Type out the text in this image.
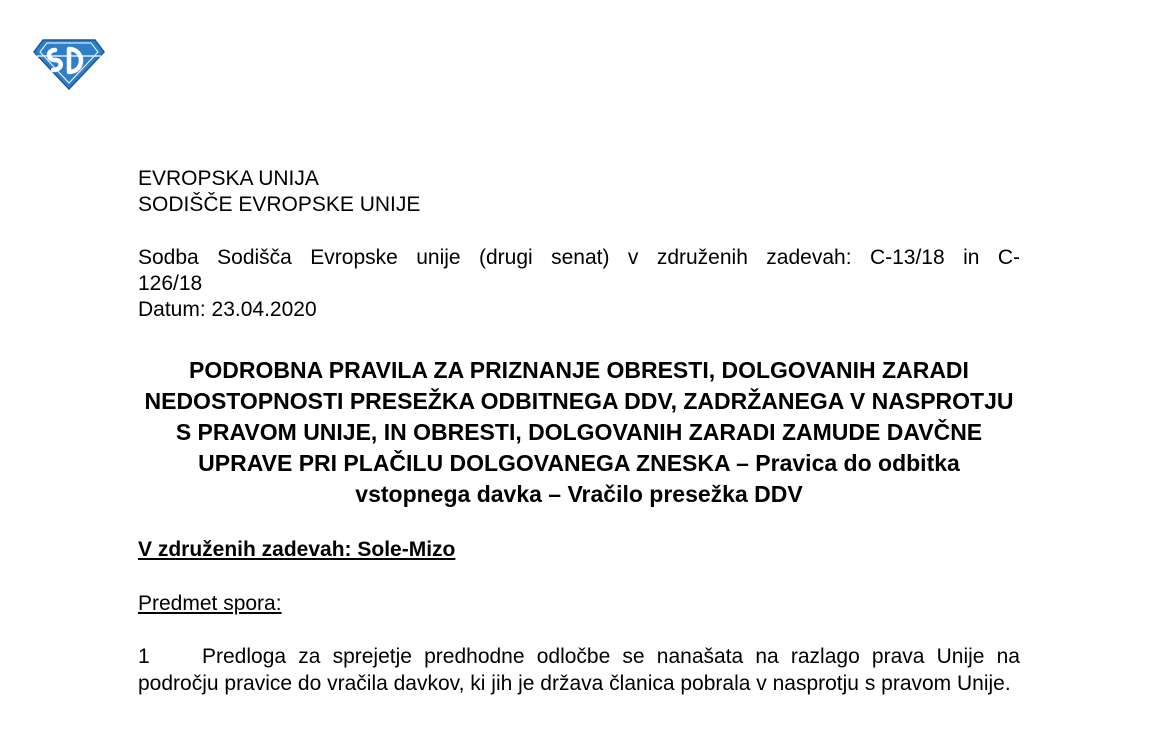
EVROPSKA UNIJA

SODIŠČE EVROPSKE UNIJE

Sodba Sodišča Evropske unije (drugi senat) v združenih zadevah: C-13/18 in C-

126/18

Datum: 23.04.2020

PODROBNA PRAVILA ZA PRIZNANJE OBRESTI, DOLGOVANIH ZARADI NEDOSTOPNOSTI PRESEŽKA ODBITNEGA DDV, ZADRŽANEGA V NASPROTJU S PRAVOM UNIJE, IN OBRESTI, DOLGOVANIH ZARADI ZAMUDE DAVČNE UPRAVE PRI PLAČILU DOLGOVANEGA ZNESKA – Pravica do odbitka vstopnega davka – Vračilo presežka DDV

V združenih zadevah: Sole-Mizo

Predmet spora:

1 Predloga za sprejetje predhodne odločbe se nanašata na razlago prava Unije na področju pravice do vračila davkov, ki jih je država članica pobrala v nasprotju s pravom Unije.
